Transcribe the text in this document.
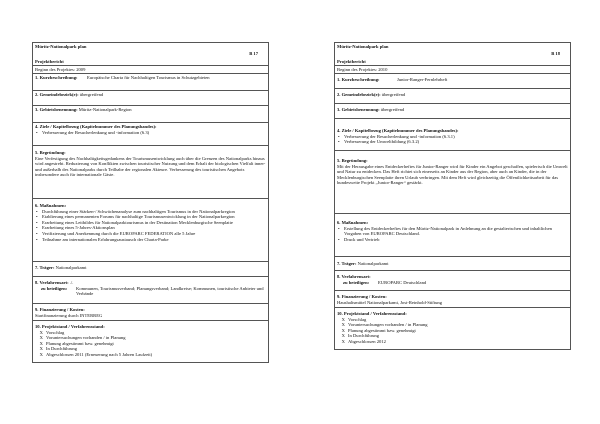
Müritz-Nationalpark plan
B 17
Projektbericht
Beginn des Projektes: 2009
1. Kurzbeschreibung:	Europäische Charta für Nachhaltigen Tourismus in Schutzgebieten
2. Gemeindebezirk(e): übergreifend
3. Gebietsbenennung: Müritz-Nationalpark-Region
4. Ziele / Kapitelbezug (Kapitelnummer des Planungsbandes):
• Verbesserung der Besucherlenkung und -information (6.3)
5. Begründung:
Eine Verfestigung des Nachhaltigkeitsgedankens der Tourismusentwicklung auch über die Grenzen des Nationalparks hinaus wird angestrebt. Reduzierung von Konflikten zwischen touristischer Nutzung und dem Erhalt der biologischen Vielfalt inner- und außerhalb des Nationalparks durch Teilhabe der regionalen Akteure. Verbesserung des touristischen Angebots insbesondere auch für internationale Gäste.
6. Maßnahmen:
• Durchführung einer Stärken-/ Schwächenanalyse zum nachhaltigen Tourismus in der Nationalparkregion
• Etablierung eines permanenten Forums für nachhaltige Tourismusentwicklung in der Nationalparkregion
• Erarbeitung eines Leitbildes für Nationalparktourismus in der Destination Mecklenburgische Seenplatte
• Erarbeitung eines 5-Jahres-Aktionsplan
• Verifizierung und Anerkennung durch die EUROPARC FEDERATION alle 5 Jahre
• Teilnahme am internationalen Erfahrungsaustausch der Charta-Parke
7. Träger: Nationalparkamt
8. Verfahrensart: ./.
zu beteiligen:	Kommunen, Tourismusverband; Planungsverband; Landkreise; Kommunen, touristische Anbieter und Verbände
9. Finanzierung / Kosten:
Startfinanzierung durch INTERREG
10. Projektstand / Verfahrensstand:
X Vorschlag
X Voruntersuchungen vorhanden / in Planung
X Planung abgestimmt bzw. genehmigt
X In Durchführung
X Abgeschlossen 2011 (Erneuerung nach 5 Jahren Laufzeit)
Müritz-Nationalpark plan
B 18
Projektbericht
Beginn des Projektes: 2010
1. Kurzbeschreibung:	Junior-Ranger-Fernlehrheft
2. Gemeindebezirk(e): übergreifend
3. Gebietsbenennung: übergreifend
4. Ziele / Kapitelbezug (Kapitelnummer des Planungsbandes):
• Verbesserung der Besucherlenkung und -information (6.3.1)
• Verbesserung der Umweltbildung (6.3.2)
5. Begründung:
Mit der Herausgabe eines Entdeckerheftes für Junior-Ranger wird für Kinder ein Angebot geschaffen, spielerisch die Umwelt und Natur zu entdecken. Das Heft richtet sich einerseits an Kinder aus der Region, aber auch an Kinder, die in der Mecklenburgischen Seenplatte ihren Urlaub verbringen. Mit dem Heft wird gleichzeitig die Öffentlichkeitsarbeit für das bundesweite Projekt „Junior-Ranger“ gestärkt.
6. Maßnahmen:
• Erstellung des Entdeckerheftes für den Müritz-Nationalpark in Anlehnung an die gestalterischen und inhaltlichen Vorgaben von EUROPARC Deutschland.
• Druck und Vertrieb
7. Träger: Nationalparkamt
8. Verfahrensart:
zu beteiligen:	EUROPARC Deutschland
9. Finanzierung / Kosten:
Haushaltsmittel Nationalparkamt, Jost-Reinhold-Stiftung
10. Projektstand / Verfahrensstand:
X Vorschlag
X Voruntersuchungen vorhanden / in Planung
X Planung abgestimmt bzw. genehmigt
X In Durchführung
X Abgeschlossen 2012
